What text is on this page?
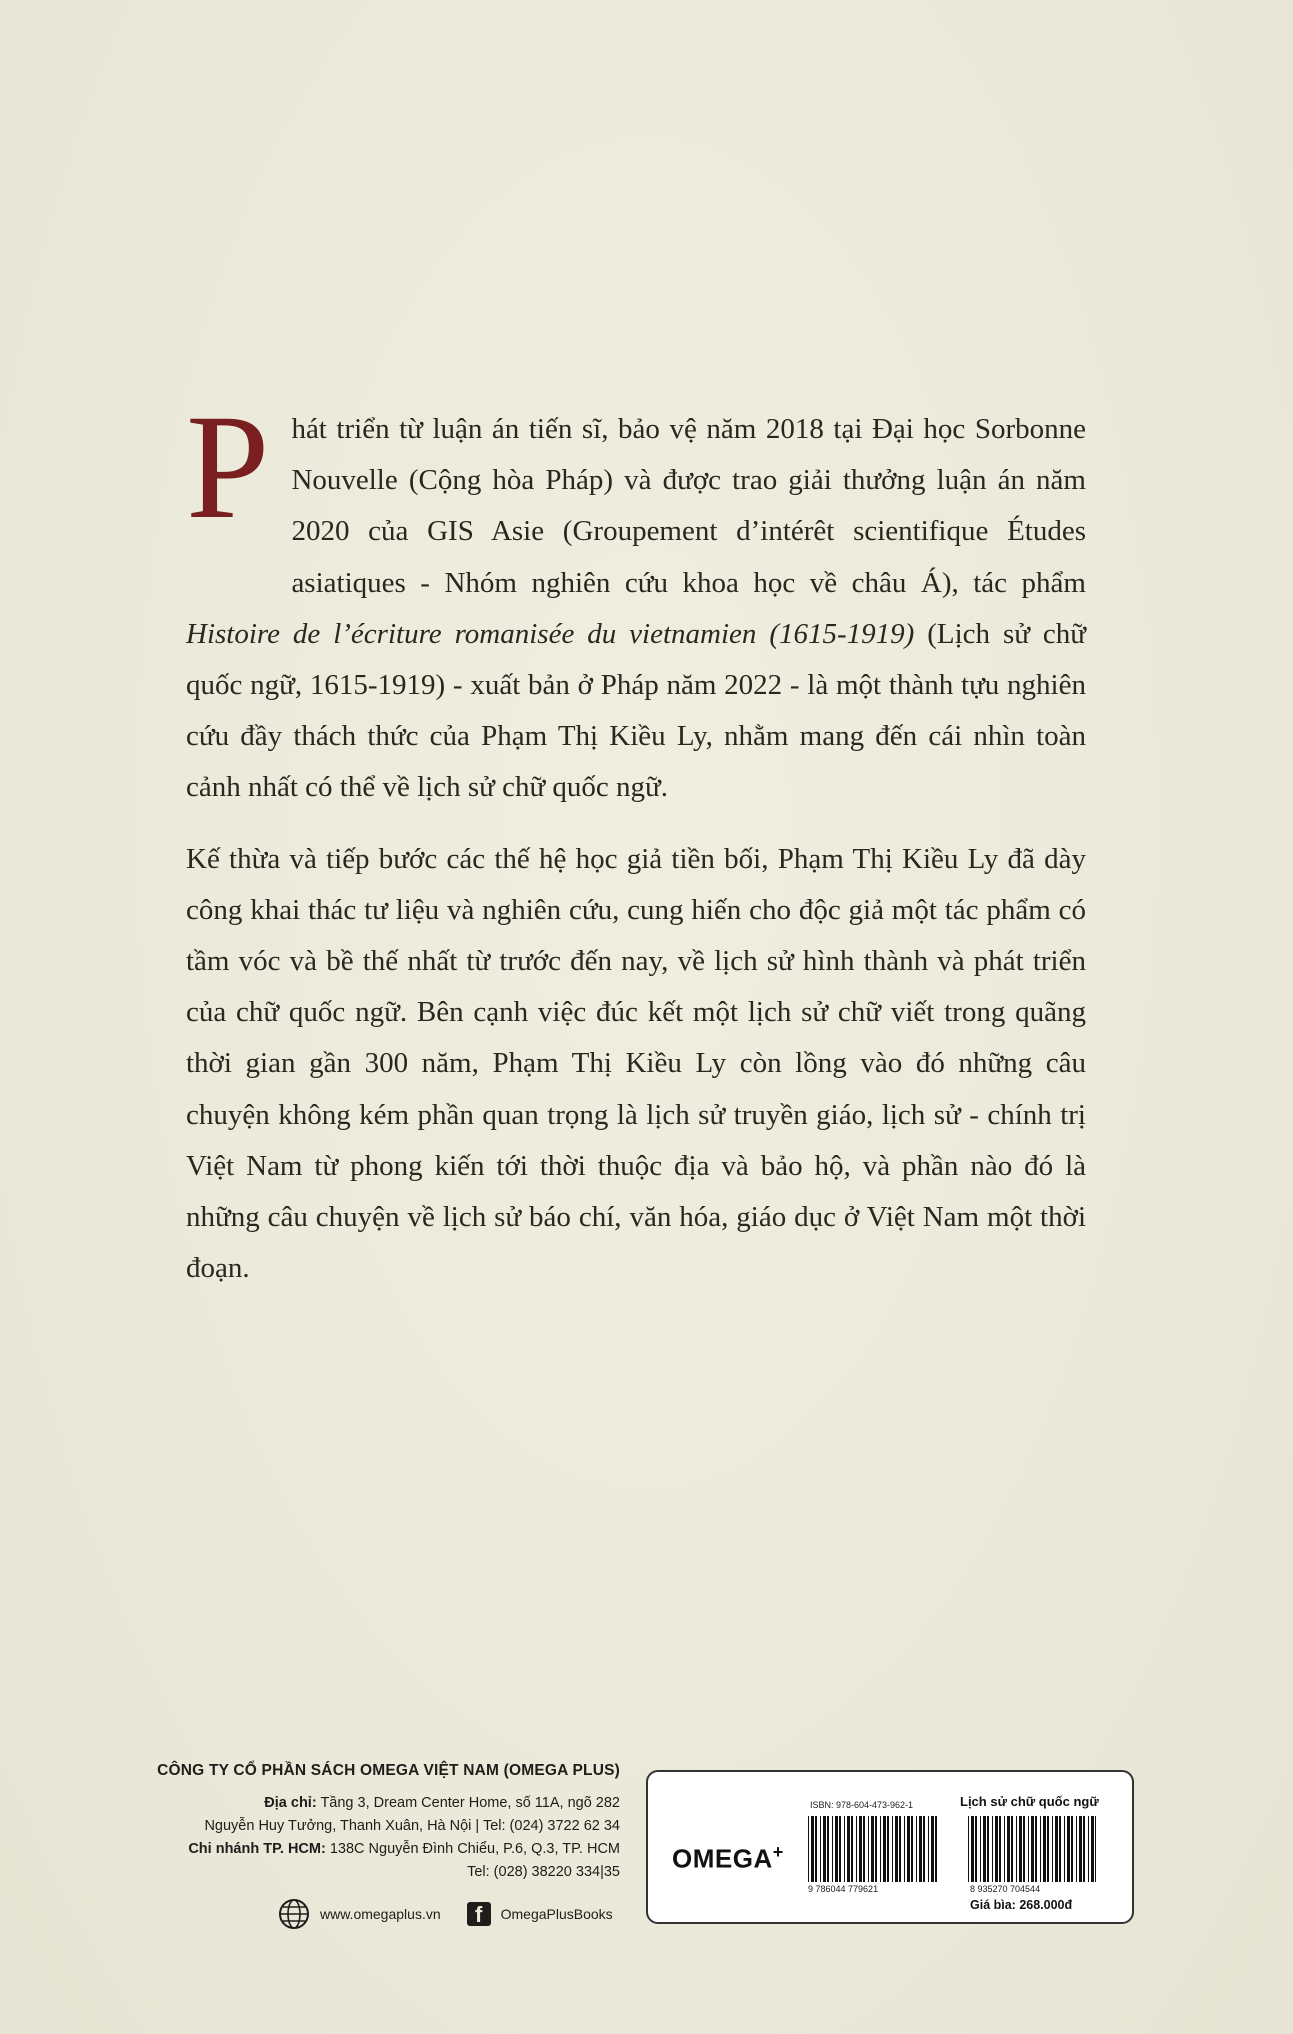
P hát triển từ luận án tiến sĩ, bảo vệ năm 2018 tại Đại học Sorbonne Nouvelle (Cộng hòa Pháp) và được trao giải thưởng luận án năm 2020 của GIS Asie (Groupement d’intérêt scientifique Études asiatiques - Nhóm nghiên cứu khoa học về châu Á), tác phẩm Histoire de l’écriture romanisée du vietnamien (1615-1919) (Lịch sử chữ quốc ngữ, 1615-1919) - xuất bản ở Pháp năm 2022 - là một thành tựu nghiên cứu đầy thách thức của Phạm Thị Kiều Ly, nhằm mang đến cái nhìn toàn cảnh nhất có thể về lịch sử chữ quốc ngữ.

Kế thừa và tiếp bước các thế hệ học giả tiền bối, Phạm Thị Kiều Ly đã dày công khai thác tư liệu và nghiên cứu, cung hiến cho độc giả một tác phẩm có tầm vóc và bề thế nhất từ trước đến nay, về lịch sử hình thành và phát triển của chữ quốc ngữ. Bên cạnh việc đúc kết một lịch sử chữ viết trong quãng thời gian gần 300 năm, Phạm Thị Kiều Ly còn lồng vào đó những câu chuyện không kém phần quan trọng là lịch sử truyền giáo, lịch sử - chính trị Việt Nam từ phong kiến tới thời thuộc địa và bảo hộ, và phần nào đó là những câu chuyện về lịch sử báo chí, văn hóa, giáo dục ở Việt Nam một thời đoạn.

CÔNG TY CỔ PHẦN SÁCH OMEGA VIỆT NAM (OMEGA PLUS)
Địa chỉ: Tầng 3, Dream Center Home, số 11A, ngõ 282
Nguyễn Huy Tưởng, Thanh Xuân, Hà Nội | Tel: (024) 3722 62 34
Chi nhánh TP. HCM: 138C Nguyễn Đình Chiểu, P.6, Q.3, TP. HCM
Tel: (028) 38220 334|35
www.omegaplus.vn	f	OmegaPlusBooks
OMEGA+
ISBN: 978-604-473-962-1	Lịch sử chữ quốc ngữ
9 786044 779621	8 935270 704544
Giá bìa: 268.000đ
